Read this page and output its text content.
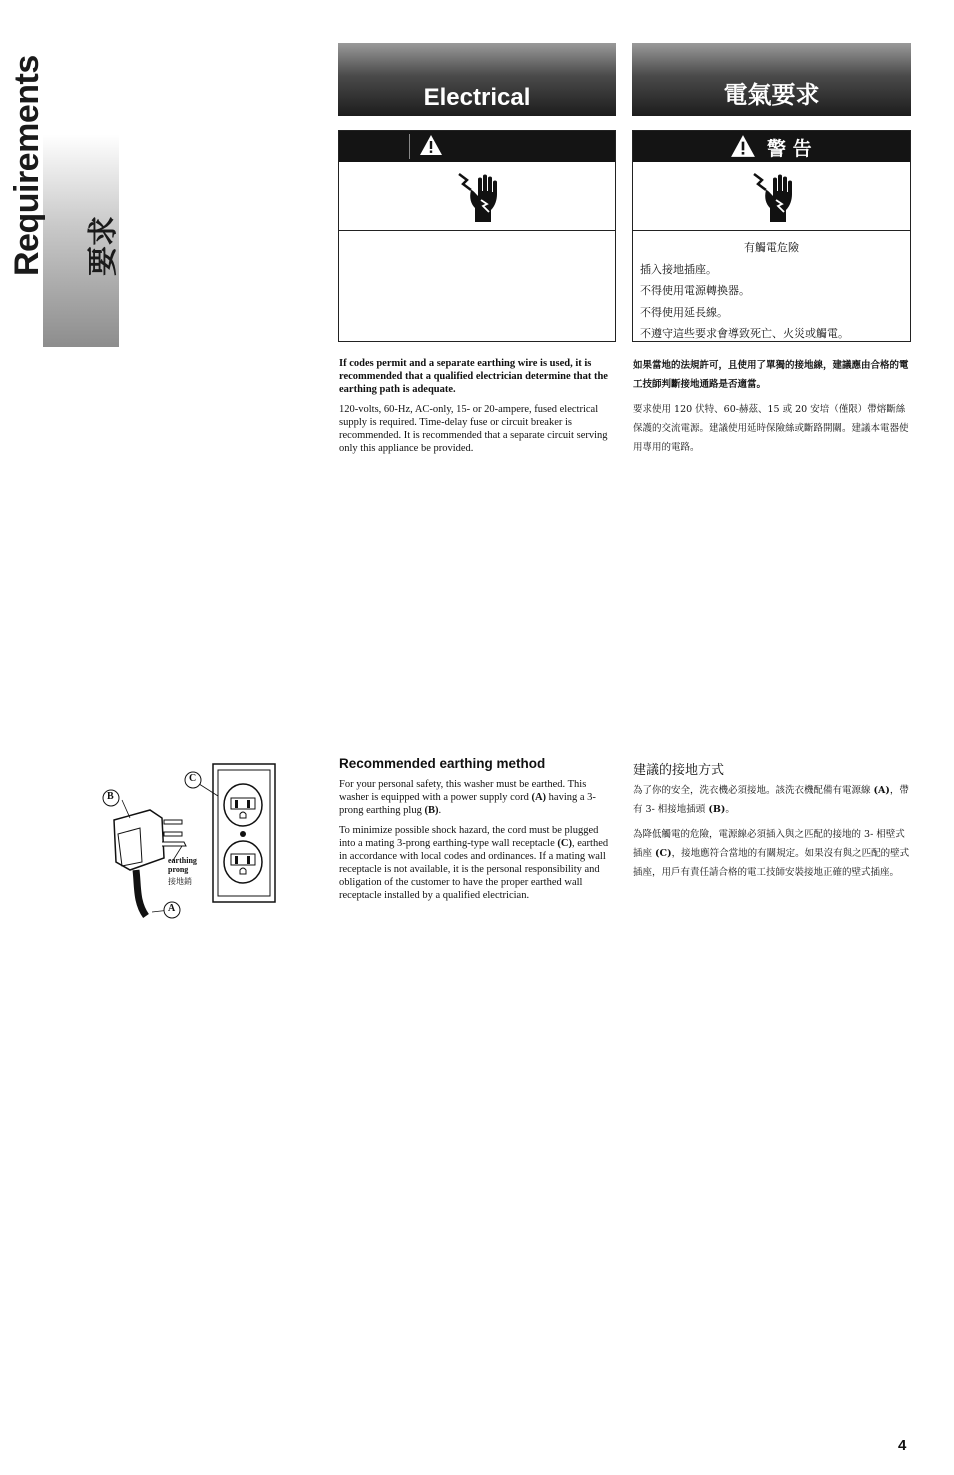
Requirements 要求
Electrical	電氣要求
警 告
有觸電危險
插入接地插座。
不得使用電源轉換器。
不得使用延長線。
不遵守這些要求會導致死亡、火災或觸電。

If codes permit and a separate earthing wire is used, it is recommended that a qualified electrician determine that the earthing path is adequate.

120-volts, 60-Hz, AC-only, 15- or 20-ampere, fused electrical supply is required. Time-delay fuse or circuit breaker is recommended. It is recommended that a separate circuit serving only this appliance be provided.

如果當地的法規許可，且使用了單獨的接地線，建議應由合格的電工技師判斷接地通路是否適當。

要求使用 120 伏特、60-赫茲、15 或 20 安培（僅限）帶熔斷絲保護的交流電源。建議使用延時保險絲或斷路開關。建議本電器使用專用的電路。

Recommended earthing method	建議的接地方式

For your personal safety, this washer must be earthed. This washer is equipped with a power supply cord (A) having a 3-prong earthing plug (B).

To minimize possible shock hazard, the cord must be plugged into a mating 3-prong earthing-type wall receptacle (C), earthed in accordance with local codes and ordinances. If a mating wall receptacle is not available, it is the personal responsibility and obligation of the customer to have the proper earthed wall receptacle installed by a qualified electrician.

為了你的安全，洗衣機必須接地。該洗衣機配備有電源線 (A)，帶有 3- 相接地插頭 (B)。

為降低觸電的危險，電源線必須插入與之匹配的接地的 3- 相壁式插座 (C)，接地應符合當地的有關規定。如果沒有與之匹配的壁式插座，用戶有責任請合格的電工技師安裝接地正確的壁式插座。

B
C
A
earthing
prong
接地銷
4
